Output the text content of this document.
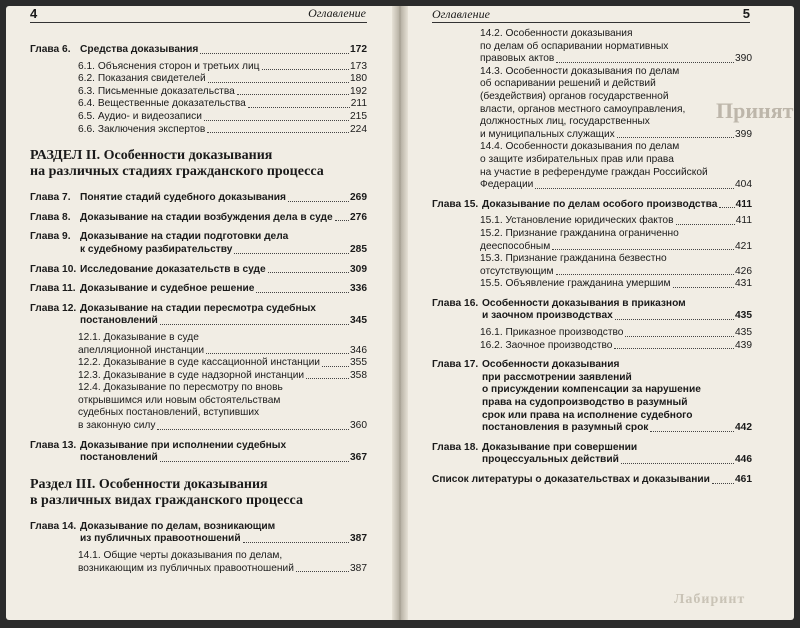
Принят
4	Оглавление	Оглавление	5
Глава 6. Средства доказывания	172
6.1. Объяснения сторон и третьих лиц	173
6.2. Показания свидетелей	180
6.3. Письменные доказательства	192
6.4. Вещественные доказательства	211
6.5. Аудио- и видеозаписи	215
6.6. Заключения экспертов	224
РАЗДЕЛ II. Особенности доказывания
на различных стадиях гражданского процесса
Глава 7. Понятие стадий судебного доказывания	269
Глава 8. Доказывание на стадии возбуждения дела в суде 276
Глава 9. Доказывание на стадии подготовки дела
к судебному разбирательству	285
Глава 10. Исследование доказательств в суде	309
Глава 11. Доказывание и судебное решение	336
Глава 12. Доказывание на стадии пересмотра судебных
постановлений	345
12.1. Доказывание в суде
апелляционной инстанции	346
12.2. Доказывание в суде кассационной инстанции	355
12.3. Доказывание в суде надзорной инстанции	358
12.4. Доказывание по пересмотру по вновь
открывшимся или новым обстоятельствам
судебных постановлений, вступивших
в законную силу	360
Глава 13. Доказывание при исполнении судебных
постановлений	367
Раздел III. Особенности доказывания
в различных видах гражданского процесса
Глава 14. Доказывание по делам, возникающим
из публичных правоотношений	387
14.1. Общие черты доказывания по делам,
возникающим из публичных правоотношений	387
14.2. Особенности доказывания
по делам об оспаривании нормативных
правовых актов	390
14.3. Особенности доказывания по делам
об оспаривании решений и действий
(бездействия) органов государственной
власти, органов местного самоуправления,
должностных лиц, государственных
и муниципальных служащих	399
14.4. Особенности доказывания по делам
о защите избирательных прав или права
на участие в референдуме граждан Российской
Федерации	404
Глава 15. Доказывание по делам особого производства 411
15.1. Установление юридических фактов	411
15.2. Признание гражданина ограниченно
дееспособным	421
15.3. Признание гражданина безвестно
отсутствующим	426
15.5. Объявление гражданина умершим	431
Глава 16. Особенности доказывания в приказном
и заочном производствах	435
16.1. Приказное производство	435
16.2. Заочное производство	439
Глава 17. Особенности доказывания
при рассмотрении заявлений
о присуждении компенсации за нарушение
права на судопроизводство в разумный
срок или права на исполнение судебного
постановления в разумный срок	442
Глава 18. Доказывание при совершении
процессуальных действий	446
Список литературы о доказательствах и доказывании 461
Лабиринт
